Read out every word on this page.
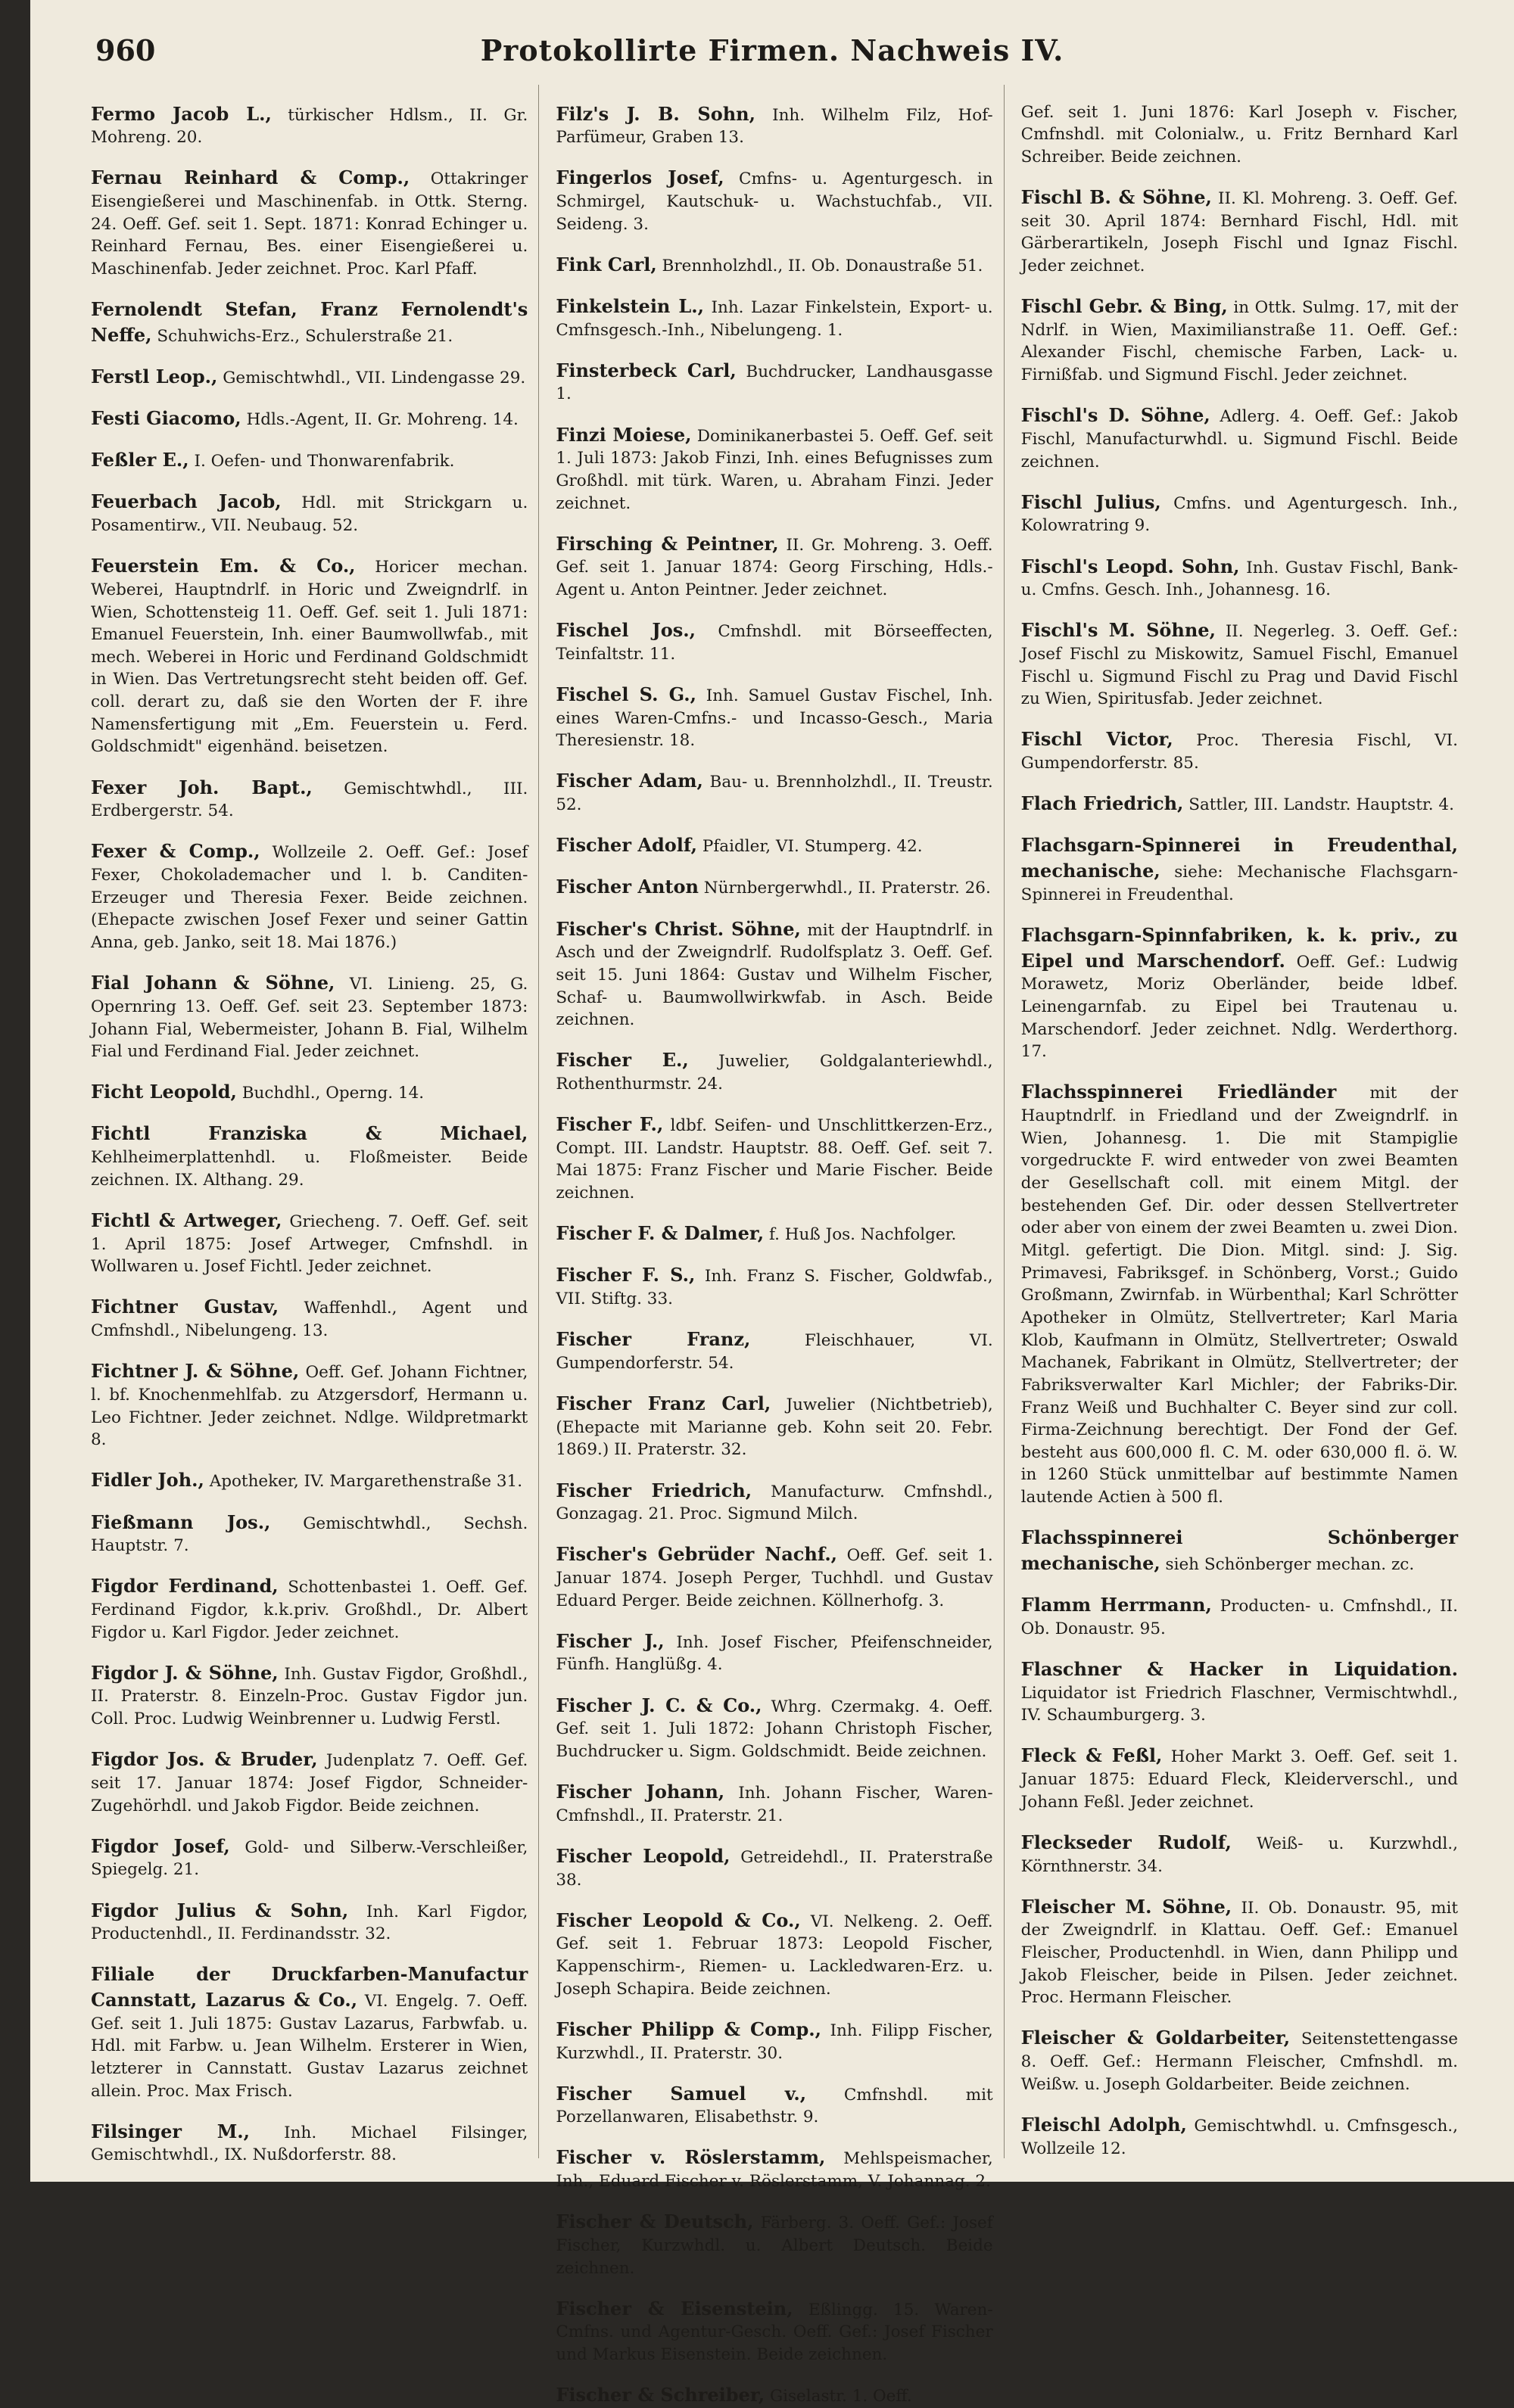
960	Protokollirte Firmen. Nachweis IV.

Fermo Jacob L., türkischer Hdlsm., II. Gr. Mohreng. 20.

Fernau Reinhard & Comp., Ottakringer Eisengießerei und Maschinenfab. in Ottk. Sterng. 24. Oeff. Gef. seit 1. Sept. 1871: Konrad Echinger u. Reinhard Fernau, Bes. einer Eisengießerei u. Maschinenfab. Jeder zeichnet. Proc. Karl Pfaff.

Fernolendt Stefan, Franz Fernolendt's Neffe, Schuhwichs-Erz., Schulerstraße 21.

Ferstl Leop., Gemischtwhdl., VII. Lindengasse 29.

Festi Giacomo, Hdls.-Agent, II. Gr. Mohreng. 14.

Feßler E., I. Oefen- und Thonwarenfabrik.

Feuerbach Jacob, Hdl. mit Strickgarn u. Posamentirw., VII. Neubaug. 52.

Feuerstein Em. & Co., Horicer mechan. Weberei, Hauptndrlf. in Horic und Zweigndrlf. in Wien, Schottensteig 11. Oeff. Gef. seit 1. Juli 1871: Emanuel Feuerstein, Inh. einer Baumwollwfab., mit mech. Weberei in Horic und Ferdinand Goldschmidt in Wien. Das Vertretungsrecht steht beiden off. Gef. coll. derart zu, daß sie den Worten der F. ihre Namensfertigung mit „Em. Feuerstein u. Ferd. Goldschmidt" eigenhänd. beisetzen.

Fexer Joh. Bapt., Gemischtwhdl., III. Erdbergerstr. 54.

Fexer & Comp., Wollzeile 2. Oeff. Gef.: Josef Fexer, Chokolademacher und l. b. Canditen-Erzeuger und Theresia Fexer. Beide zeichnen. (Ehepacte zwischen Josef Fexer und seiner Gattin Anna, geb. Janko, seit 18. Mai 1876.)

Fial Johann & Söhne, VI. Linieng. 25, G. Opernring 13. Oeff. Gef. seit 23. September 1873: Johann Fial, Webermeister, Johann B. Fial, Wilhelm Fial und Ferdinand Fial. Jeder zeichnet.

Ficht Leopold, Buchdhl., Operng. 14.

Fichtl Franziska & Michael, Kehlheimerplattenhdl. u. Floßmeister. Beide zeichnen. IX. Althang. 29.

Fichtl & Artweger, Griecheng. 7. Oeff. Gef. seit 1. April 1875: Josef Artweger, Cmfnshdl. in Wollwaren u. Josef Fichtl. Jeder zeichnet.

Fichtner Gustav, Waffenhdl., Agent und Cmfnshdl., Nibelungeng. 13.

Fichtner J. & Söhne, Oeff. Gef. Johann Fichtner, l. bf. Knochenmehlfab. zu Atzgersdorf, Hermann u. Leo Fichtner. Jeder zeichnet. Ndlge. Wildpretmarkt 8.

Fidler Joh., Apotheker, IV. Margarethenstraße 31.

Fießmann Jos., Gemischtwhdl., Sechsh. Hauptstr. 7.

Figdor Ferdinand, Schottenbastei 1. Oeff. Gef. Ferdinand Figdor, k.k.priv. Großhdl., Dr. Albert Figdor u. Karl Figdor. Jeder zeichnet.

Figdor J. & Söhne, Inh. Gustav Figdor, Großhdl., II. Praterstr. 8. Einzeln-Proc. Gustav Figdor jun. Coll. Proc. Ludwig Weinbrenner u. Ludwig Ferstl.

Figdor Jos. & Bruder, Judenplatz 7. Oeff. Gef. seit 17. Januar 1874: Josef Figdor, Schneider-Zugehörhdl. und Jakob Figdor. Beide zeichnen.

Figdor Josef, Gold- und Silberw.-Verschleißer, Spiegelg. 21.

Figdor Julius & Sohn, Inh. Karl Figdor, Productenhdl., II. Ferdinandsstr. 32.

Filiale der Druckfarben-Manufactur Cannstatt, Lazarus & Co., VI. Engelg. 7. Oeff. Gef. seit 1. Juli 1875: Gustav Lazarus, Farbwfab. u. Hdl. mit Farbw. u. Jean Wilhelm. Ersterer in Wien, letzterer in Cannstatt. Gustav Lazarus zeichnet allein. Proc. Max Frisch.

Filsinger M., Inh. Michael Filsinger, Gemischtwhdl., IX. Nußdorferstr. 88.

Filz's J. B. Sohn, Inh. Wilhelm Filz, Hof-Parfümeur, Graben 13.

Fingerlos Josef, Cmfns- u. Agenturgesch. in Schmirgel, Kautschuk- u. Wachstuchfab., VII. Seideng. 3.

Fink Carl, Brennholzhdl., II. Ob. Donaustraße 51.

Finkelstein L., Inh. Lazar Finkelstein, Export- u. Cmfnsgesch.-Inh., Nibelungeng. 1.

Finsterbeck Carl, Buchdrucker, Landhausgasse 1.

Finzi Moiese, Dominikanerbastei 5. Oeff. Gef. seit 1. Juli 1873: Jakob Finzi, Inh. eines Befugnisses zum Großhdl. mit türk. Waren, u. Abraham Finzi. Jeder zeichnet.

Firsching & Peintner, II. Gr. Mohreng. 3. Oeff. Gef. seit 1. Januar 1874: Georg Firsching, Hdls.-Agent u. Anton Peintner. Jeder zeichnet.

Fischel Jos., Cmfnshdl. mit Börseeffecten, Teinfaltstr. 11.

Fischel S. G., Inh. Samuel Gustav Fischel, Inh. eines Waren-Cmfns.- und Incasso-Gesch., Maria Theresienstr. 18.

Fischer Adam, Bau- u. Brennholzhdl., II. Treustr. 52.

Fischer Adolf, Pfaidler, VI. Stumperg. 42.

Fischer Anton Nürnbergerwhdl., II. Praterstr. 26.

Fischer's Christ. Söhne, mit der Hauptndrlf. in Asch und der Zweigndrlf. Rudolfsplatz 3. Oeff. Gef. seit 15. Juni 1864: Gustav und Wilhelm Fischer, Schaf- u. Baumwollwirkwfab. in Asch. Beide zeichnen.

Fischer E., Juwelier, Goldgalanteriewhdl., Rothenthurmstr. 24.

Fischer F., ldbf. Seifen- und Unschlittkerzen-Erz., Compt. III. Landstr. Hauptstr. 88. Oeff. Gef. seit 7. Mai 1875: Franz Fischer und Marie Fischer. Beide zeichnen.

Fischer F. & Dalmer, f. Huß Jos. Nachfolger.

Fischer F. S., Inh. Franz S. Fischer, Goldwfab., VII. Stiftg. 33.

Fischer Franz,	Fleischhauer, VI. Gumpendorferstr. 54.

Fischer Franz Carl, Juwelier (Nichtbetrieb), (Ehepacte mit Marianne geb. Kohn seit 20. Febr. 1869.) II. Praterstr. 32.

Fischer Friedrich, Manufacturw. Cmfnshdl., Gonzagag. 21. Proc. Sigmund Milch.

Fischer's Gebrüder Nachf., Oeff. Gef. seit 1. Januar 1874. Joseph Perger, Tuchhdl. und Gustav Eduard Perger. Beide zeichnen. Köllnerhofg. 3.

Fischer J., Inh. Josef Fischer, Pfeifenschneider, Fünfh. Hanglüßg. 4.

Fischer J. C. & Co., Whrg. Czermakg. 4. Oeff. Gef. seit 1. Juli 1872: Johann Christoph Fischer, Buchdrucker u. Sigm. Goldschmidt. Beide zeichnen.

Fischer Johann, Inh. Johann Fischer, Waren-Cmfnshdl., II. Praterstr. 21.

Fischer Leopold, Getreidehdl., II. Praterstraße 38.

Fischer Leopold & Co., VI. Nelkeng. 2. Oeff. Gef. seit 1. Februar 1873: Leopold Fischer, Kappenschirm-, Riemen- u. Lackledwaren-Erz. u. Joseph Schapira. Beide zeichnen.

Fischer Philipp & Comp., Inh. Filipp Fischer, Kurzwhdl., II. Praterstr. 30.

Fischer Samuel v., Cmfnshdl. mit Porzellanwaren, Elisabethstr. 9.

Fischer v. Röslerstamm, Mehlspeismacher, Inh., Eduard Fischer v. Röslerstamm, V. Johannag. 2.

Fischer & Deutsch, Färberg. 3. Oeff. Gef.: Josef Fischer, Kurzwhdl. u. Albert Deutsch. Beide zeichnen.

Fischer & Eisenstein, Eßlingg. 15. Waren-Cmfns. und Agentur-Gesch. Oeff. Gef.: Josef Fischer und Markus Eisenstein. Beide zeichnen.

Fischer & Schreiber, Giselastr. 1. Oeff.

Gef. seit 1. Juni 1876: Karl Joseph v. Fischer, Cmfnshdl. mit Colonialw., u. Fritz Bernhard Karl Schreiber. Beide zeichnen.

Fischl B. & Söhne, II. Kl. Mohreng. 3. Oeff. Gef. seit 30. April 1874: Bernhard Fischl, Hdl. mit Gärberartikeln, Joseph Fischl und Ignaz Fischl. Jeder zeichnet.

Fischl Gebr. & Bing, in Ottk. Sulmg. 17, mit der Ndrlf. in Wien, Maximilianstraße 11. Oeff. Gef.: Alexander Fischl, chemische Farben, Lack- u. Firnißfab. und Sigmund Fischl. Jeder zeichnet.

Fischl's D. Söhne, Adlerg. 4. Oeff. Gef.: Jakob Fischl, Manufacturwhdl. u. Sigmund Fischl. Beide zeichnen.

Fischl Julius, Cmfns. und Agenturgesch. Inh., Kolowratring 9.

Fischl's Leopd. Sohn, Inh. Gustav Fischl, Bank- u. Cmfns. Gesch. Inh., Johannesg. 16.

Fischl's M. Söhne, II. Negerleg. 3. Oeff. Gef.: Josef Fischl zu Miskowitz, Samuel Fischl, Emanuel Fischl u. Sigmund Fischl zu Prag und David Fischl zu Wien, Spiritusfab. Jeder zeichnet.

Fischl Victor, Proc. Theresia Fischl, VI. Gumpendorferstr. 85.

Flach Friedrich, Sattler, III. Landstr. Hauptstr. 4.

Flachsgarn-Spinnerei in Freudenthal, mechanische, siehe: Mechanische Flachsgarn-Spinnerei in Freudenthal.

Flachsgarn-Spinnfabriken, k. k. priv., zu Eipel und Marschendorf. Oeff. Gef.: Ludwig Morawetz, Moriz Oberländer, beide ldbef. Leinengarnfab. zu Eipel bei Trautenau u. Marschendorf. Jeder zeichnet. Ndlg. Werderthorg. 17.

Flachsspinnerei Friedländer mit der Hauptndrlf. in Friedland und der Zweigndrlf. in Wien, Johannesg. 1. Die mit Stampiglie vorgedruckte F. wird entweder von zwei Beamten der Gesellschaft coll. mit einem Mitgl. der bestehenden Gef. Dir. oder dessen Stellvertreter oder aber von einem der zwei Beamten u. zwei Dion. Mitgl. gefertigt. Die Dion. Mitgl. sind: J. Sig. Primavesi, Fabriksgef. in Schönberg, Vorst.; Guido Großmann, Zwirnfab. in Würbenthal; Karl Schrötter Apotheker in Olmütz, Stellvertreter; Karl Maria Klob, Kaufmann in Olmütz, Stellvertreter; Oswald Machanek, Fabrikant in Olmütz, Stellvertreter; der Fabriksverwalter Karl Michler; der Fabriks-Dir. Franz Weiß und Buchhalter C. Beyer sind zur coll. Firma-Zeichnung berechtigt. Der Fond der Gef. besteht aus 600,000 fl. C. M. oder 630,000 fl. ö. W. in 1260 Stück unmittelbar auf bestimmte Namen lautende Actien à 500 fl.

Flachsspinnerei Schönberger mechanische, sieh Schönberger mechan. zc.

Flamm Herrmann, Producten- u. Cmfnshdl., II. Ob. Donaustr. 95.

Flaschner & Hacker in Liquidation. Liquidator ist Friedrich Flaschner, Vermischtwhdl., IV. Schaumburgerg. 3.

Fleck & Feßl, Hoher Markt 3. Oeff. Gef. seit 1. Januar 1875: Eduard Fleck, Kleiderverschl., und Johann Feßl. Jeder zeichnet.

Fleckseder Rudolf, Weiß- u. Kurzwhdl., Körnthnerstr. 34.

Fleischer M. Söhne, II. Ob. Donaustr. 95, mit der Zweigndrlf. in Klattau. Oeff. Gef.: Emanuel Fleischer, Productenhdl. in Wien, dann Philipp und Jakob Fleischer, beide in Pilsen. Jeder zeichnet. Proc. Hermann Fleischer.

Fleischer & Goldarbeiter, Seitenstettengasse 8. Oeff. Gef.: Hermann Fleischer, Cmfnshdl. m. Weißw. u. Joseph Goldarbeiter. Beide zeichnen.

Fleischl Adolph, Gemischtwhdl. u. Cmfnsgesch., Wollzeile 12.
